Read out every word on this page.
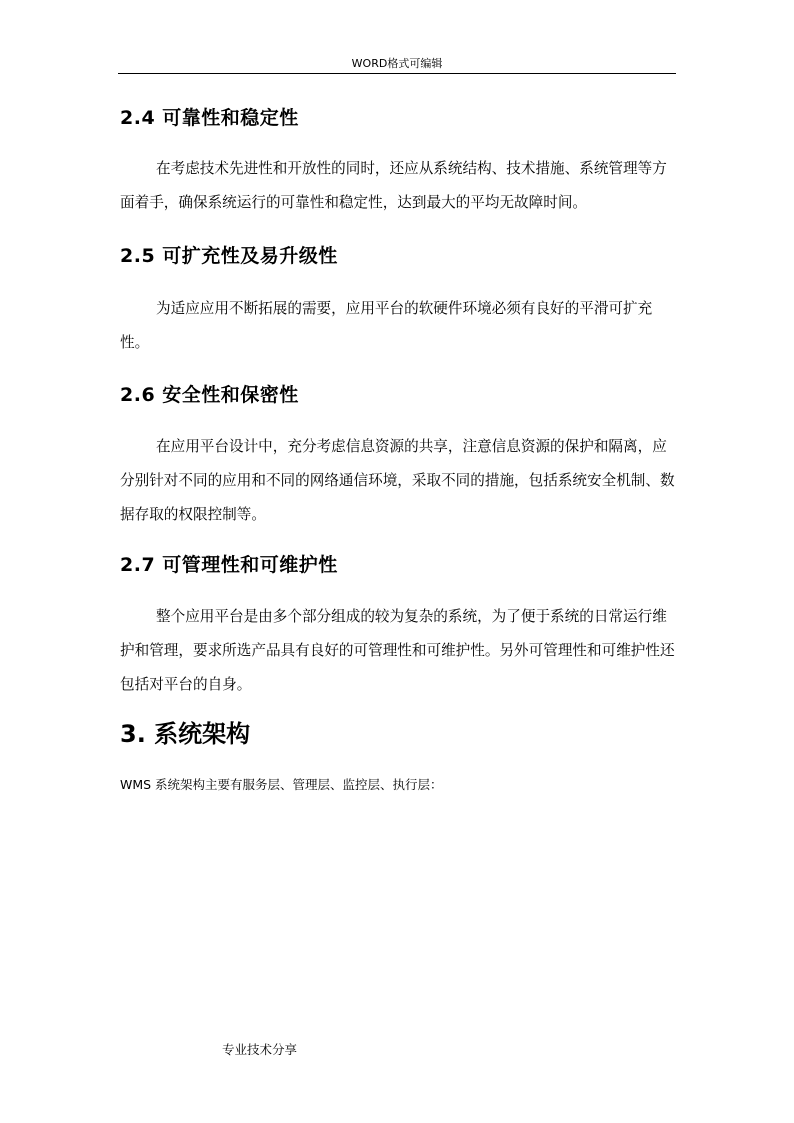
WORD格式可编辑
2.4 可靠性和稳定性

在考虑技术先进性和开放性的同时，还应从系统结构、技术措施、系统管理等方面着手，确保系统运行的可靠性和稳定性，达到最大的平均无故障时间。

2.5 可扩充性及易升级性

为适应应用不断拓展的需要，应用平台的软硬件环境必须有良好的平滑可扩充性。

2.6 安全性和保密性

在应用平台设计中，充分考虑信息资源的共享，注意信息资源的保护和隔离，应分别针对不同的应用和不同的网络通信环境，采取不同的措施，包括系统安全机制、数据存取的权限控制等。

2.7 可管理性和可维护性

整个应用平台是由多个部分组成的较为复杂的系统，为了便于系统的日常运行维护和管理，要求所选产品具有良好的可管理性和可维护性。另外可管理性和可维护性还包括对平台的自身。

3. 系统架构

WMS 系统架构主要有服务层、管理层、监控层、执行层：

专业技术分享
